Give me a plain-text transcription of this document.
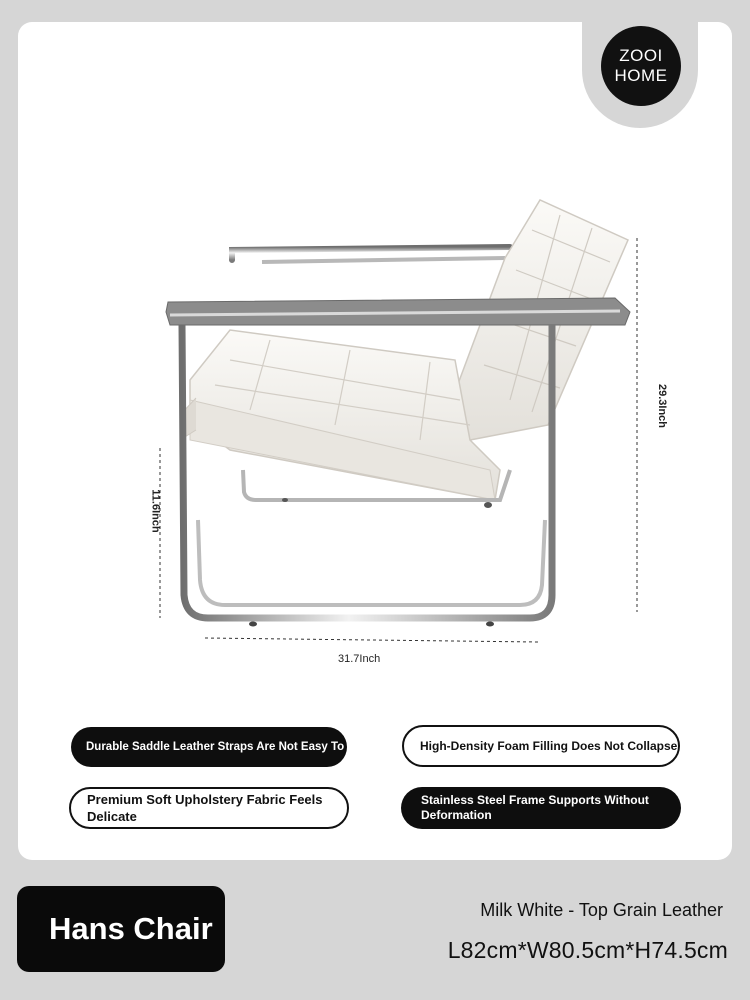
ZOOI
HOME
31.7Inch
29.3Inch
11.6Inch
Durable Saddle Leather Straps Are Not Easy To Break	High-Density Foam Filling Does Not Collapse
Premium Soft Upholstery Fabric Feels Delicate
Stainless Steel Frame Supports Without Deformation
Hans Chair
Milk White - Top Grain Leather
L82cm*W80.5cm*H74.5cm
